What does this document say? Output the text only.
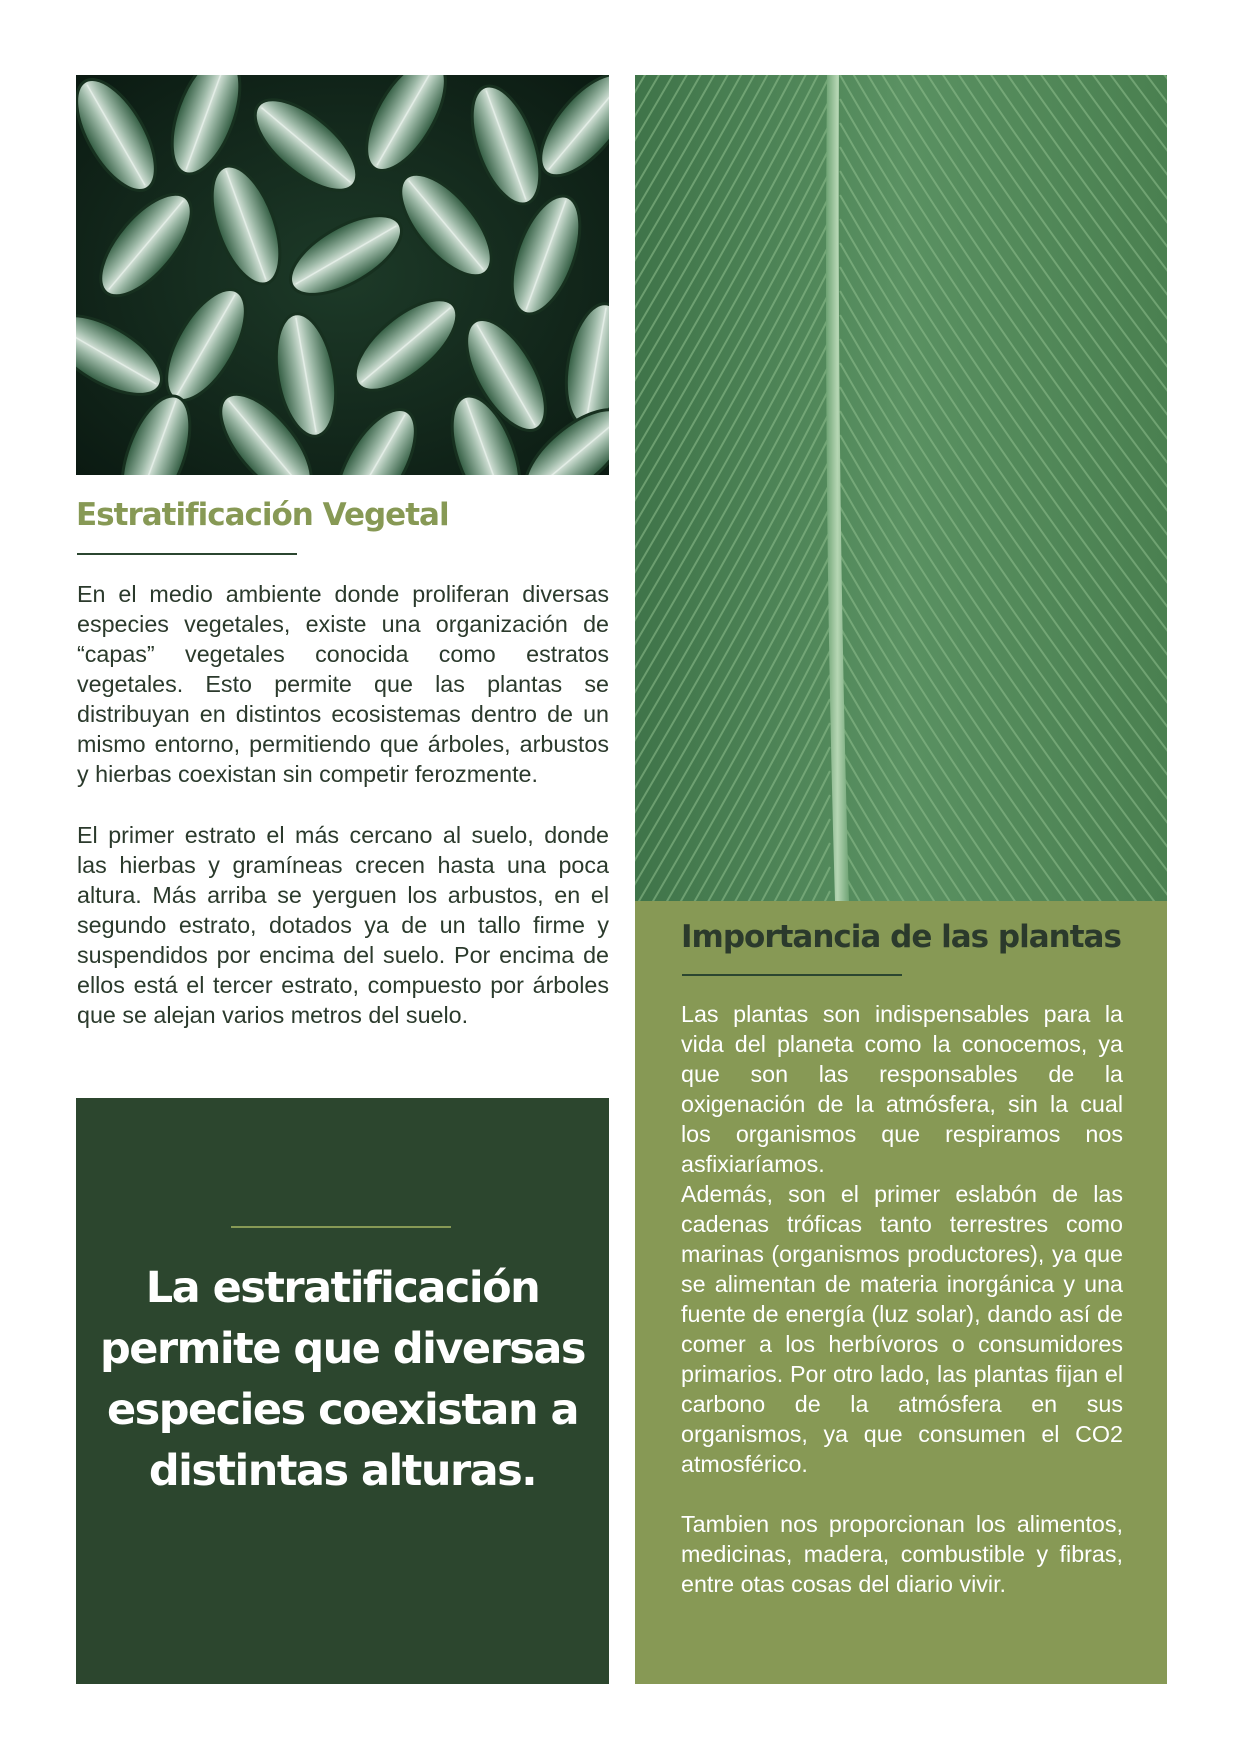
Estratificación Vegetal

En el medio ambiente donde proliferan diversas especies vegetales, existe una organización de “capas” vegetales conocida como estratos vegetales. Esto permite que las plantas se distribuyan en distintos ecosistemas dentro de un mismo entorno, permitiendo que árboles, arbustos y hierbas coexistan sin competir ferozmente.

El primer estrato el más cercano al suelo, donde las hierbas y gramíneas crecen hasta una poca altura. Más arriba se yerguen los arbustos, en el segundo estrato, dotados ya de un tallo firme y suspendidos por encima del suelo. Por encima de ellos está el tercer estrato, compuesto por árboles que se alejan varios metros del suelo.

La estratificación permite que diversas especies coexistan a distintas alturas.

Importancia de las plantas

Las plantas son indispensables para la vida del planeta como la conocemos, ya que son las responsables de la oxigenación de la atmósfera, sin la cual los organismos que respiramos nos asfixiaríamos.

Además, son el primer eslabón de las cadenas tróficas tanto terrestres como marinas (organismos productores), ya que se alimentan de materia inorgánica y una fuente de energía (luz solar), dando así de comer a los herbívoros o consumidores primarios. Por otro lado, las plantas fijan el carbono de la atmósfera en sus organismos, ya que consumen el CO2 atmosférico.

Tambien nos proporcionan los alimentos, medicinas, madera, combustible y fibras, entre otas cosas del diario vivir.
